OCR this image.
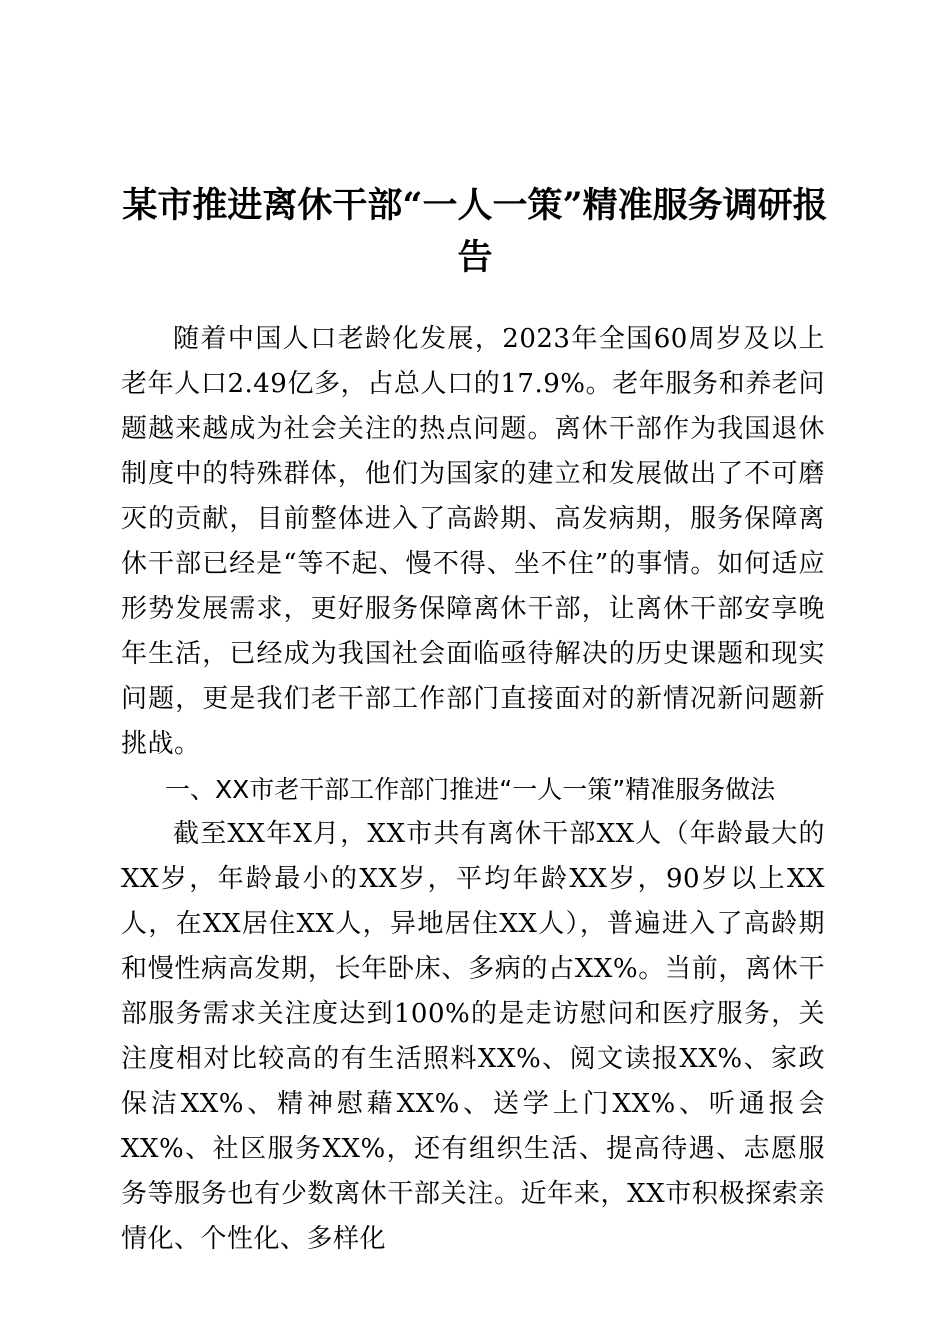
某市推进离休干部“一人一策”精准服务调研报告

随着中国人口老龄化发展，2023年全国60周岁及以上老年人口2.49亿多，占总人口的17.9%。老年服务和养老问题越来越成为社会关注的热点问题。离休干部作为我国退休制度中的特殊群体，他们为国家的建立和发展做出了不可磨灭的贡献，目前整体进入了高龄期、高发病期，服务保障离休干部已经是“等不起、慢不得、坐不住”的事情。如何适应形势发展需求，更好服务保障离休干部，让离休干部安享晚年生活，已经成为我国社会面临亟待解决的历史课题和现实问题，更是我们老干部工作部门直接面对的新情况新问题新挑战。

一、XX市老干部工作部门推进“一人一策”精准服务做法

截至XX年X月，XX市共有离休干部XX人（年龄最大的XX岁，年龄最小的XX岁，平均年龄XX岁，90岁以上XX人，在XX居住XX人，异地居住XX人），普遍进入了高龄期和慢性病高发期，长年卧床、多病的占XX%。当前，离休干部服务需求关注度达到100%的是走访慰问和医疗服务，关注度相对比较高的有生活照料XX%、阅文读报XX%、家政保洁XX%、精神慰藉XX%、送学上门XX%、听通报会XX%、社区服务XX%，还有组织生活、提高待遇、志愿服务等服务也有少数离休干部关注。近年来，XX市积极探索亲情化、个性化、多样化
